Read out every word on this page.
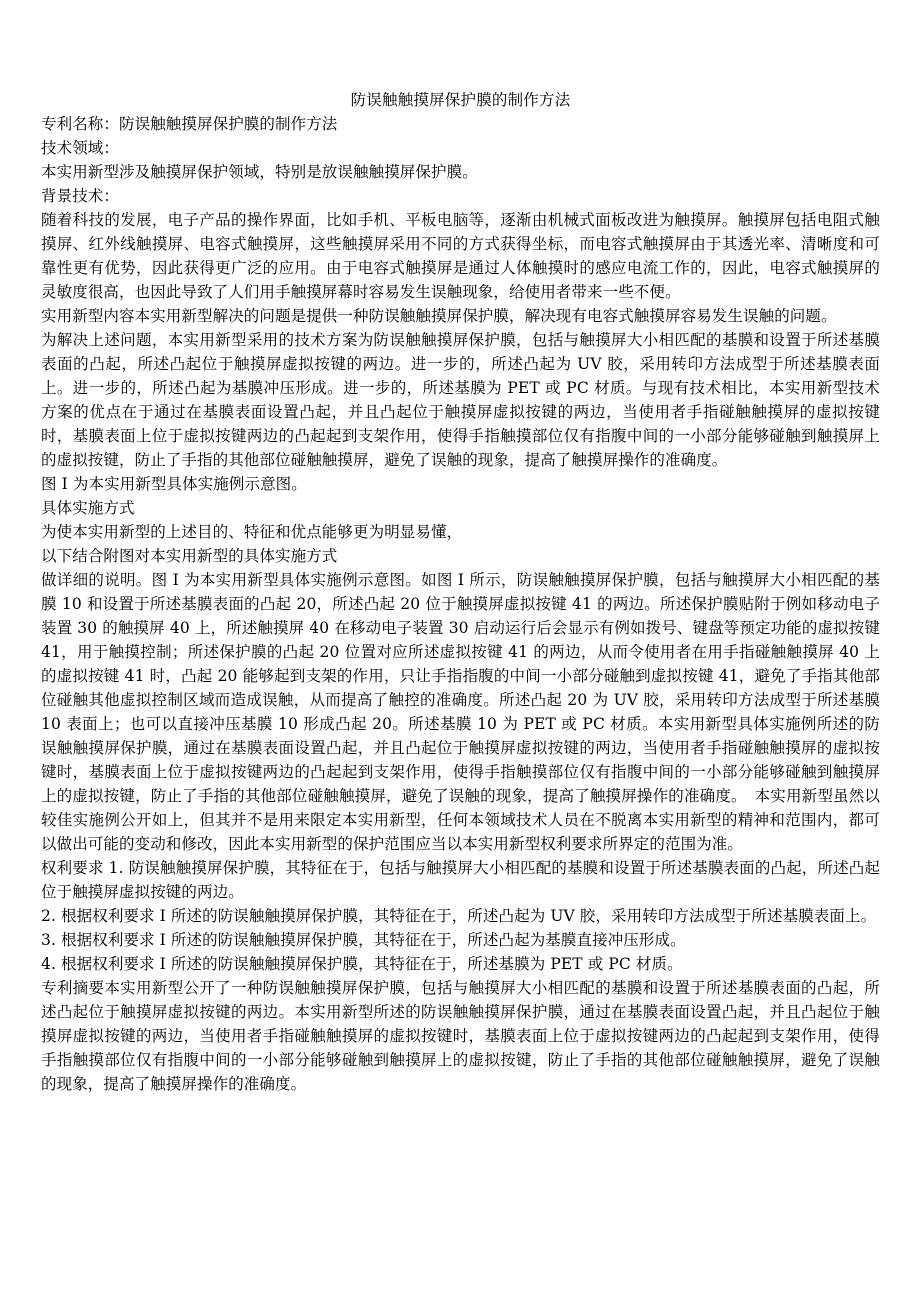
防误触触摸屏保护膜的制作方法

专利名称：防误触触摸屏保护膜的制作方法

技术领域：

本实用新型涉及触摸屏保护领域，特别是放误触触摸屏保护膜。

背景技术：

随着科技的发展，电子产品的操作界面，比如手机、平板电脑等，逐渐由机械式面板改进为触摸屏。触摸屏包括电阻式触摸屏、红外线触摸屏、电容式触摸屏，这些触摸屏采用不同的方式获得坐标，而电容式触摸屏由于其透光率、清晰度和可靠性更有优势，因此获得更广泛的应用。由于电容式触摸屏是通过人体触摸时的感应电流工作的，因此，电容式触摸屏的灵敏度很高，也因此导致了人们用手触摸屏幕时容易发生误触现象，给使用者带来一些不便。

实用新型内容本实用新型解决的问题是提供一种防误触触摸屏保护膜，解决现有电容式触摸屏容易发生误触的问题。

为解决上述问题，本实用新型采用的技术方案为防误触触摸屏保护膜，包括与触摸屏大小相匹配的基膜和设置于所述基膜表面的凸起，所述凸起位于触摸屏虚拟按键的两边。进一步的，所述凸起为 UV 胶，采用转印方法成型于所述基膜表面上。进一步的，所述凸起为基膜冲压形成。进一步的，所述基膜为 PET 或 PC 材质。与现有技术相比，本实用新型技术方案的优点在于通过在基膜表面设置凸起，并且凸起位于触摸屏虚拟按键的两边，当使用者手指碰触触摸屏的虚拟按键时，基膜表面上位于虚拟按键两边的凸起起到支架作用，使得手指触摸部位仅有指腹中间的一小部分能够碰触到触摸屏上的虚拟按键，防止了手指的其他部位碰触触摸屏，避免了误触的现象，提高了触摸屏操作的准确度。

图 I 为本实用新型具体实施例示意图。

具体实施方式

为使本实用新型的上述目的、特征和优点能够更为明显易懂，

以下结合附图对本实用新型的具体实施方式

做详细的说明。图 I 为本实用新型具体实施例示意图。如图 I 所示，防误触触摸屏保护膜，包括与触摸屏大小相匹配的基膜 10 和设置于所述基膜表面的凸起 20，所述凸起 20 位于触摸屏虚拟按键 41 的两边。所述保护膜贴附于例如移动电子装置 30 的触摸屏 40 上，所述触摸屏 40 在移动电子装置 30 启动运行后会显示有例如拨号、键盘等预定功能的虚拟按键 41，用于触摸控制；所述保护膜的凸起 20 位置对应所述虚拟按键 41 的两边，从而令使用者在用手指碰触触摸屏 40 上的虚拟按键 41 时，凸起 20 能够起到支架的作用，只让手指指腹的中间一小部分碰触到虚拟按键 41，避免了手指其他部位碰触其他虚拟控制区域而造成误触，从而提高了触控的准确度。所述凸起 20 为 UV 胶，采用转印方法成型于所述基膜 10 表面上；也可以直接冲压基膜 10 形成凸起 20。所述基膜 10 为 PET 或 PC 材质。本实用新型具体实施例所述的防误触触摸屏保护膜，通过在基膜表面设置凸起，并且凸起位于触摸屏虚拟按键的两边，当使用者手指碰触触摸屏的虚拟按键时，基膜表面上位于虚拟按键两边的凸起起到支架作用，使得手指触摸部位仅有指腹中间的一小部分能够碰触到触摸屏上的虚拟按键，防止了手指的其他部位碰触触摸屏，避免了误触的现象，提高了触摸屏操作的准确度。　本实用新型虽然以较佳实施例公开如上，但其并不是用来限定本实用新型，任何本领域技术人员在不脱离本实用新型的精神和范围内，都可以做出可能的变动和修改，因此本实用新型的保护范围应当以本实用新型权利要求所界定的范围为准。

权利要求 1. 防误触触摸屏保护膜，其特征在于，包括与触摸屏大小相匹配的基膜和设置于所述基膜表面的凸起，所述凸起位于触摸屏虚拟按键的两边。

2. 根据权利要求 I 所述的防误触触摸屏保护膜，其特征在于，所述凸起为 UV 胶，采用转印方法成型于所述基膜表面上。

3. 根据权利要求 I 所述的防误触触摸屏保护膜，其特征在于，所述凸起为基膜直接冲压形成。

4. 根据权利要求 I 所述的防误触触摸屏保护膜，其特征在于，所述基膜为 PET 或 PC 材质。

专利摘要本实用新型公开了一种防误触触摸屏保护膜，包括与触摸屏大小相匹配的基膜和设置于所述基膜表面的凸起，所述凸起位于触摸屏虚拟按键的两边。本实用新型所述的防误触触摸屏保护膜，通过在基膜表面设置凸起，并且凸起位于触摸屏虚拟按键的两边，当使用者手指碰触触摸屏的虚拟按键时，基膜表面上位于虚拟按键两边的凸起起到支架作用，使得手指触摸部位仅有指腹中间的一小部分能够碰触到触摸屏上的虚拟按键，防止了手指的其他部位碰触触摸屏，避免了误触的现象，提高了触摸屏操作的准确度。
